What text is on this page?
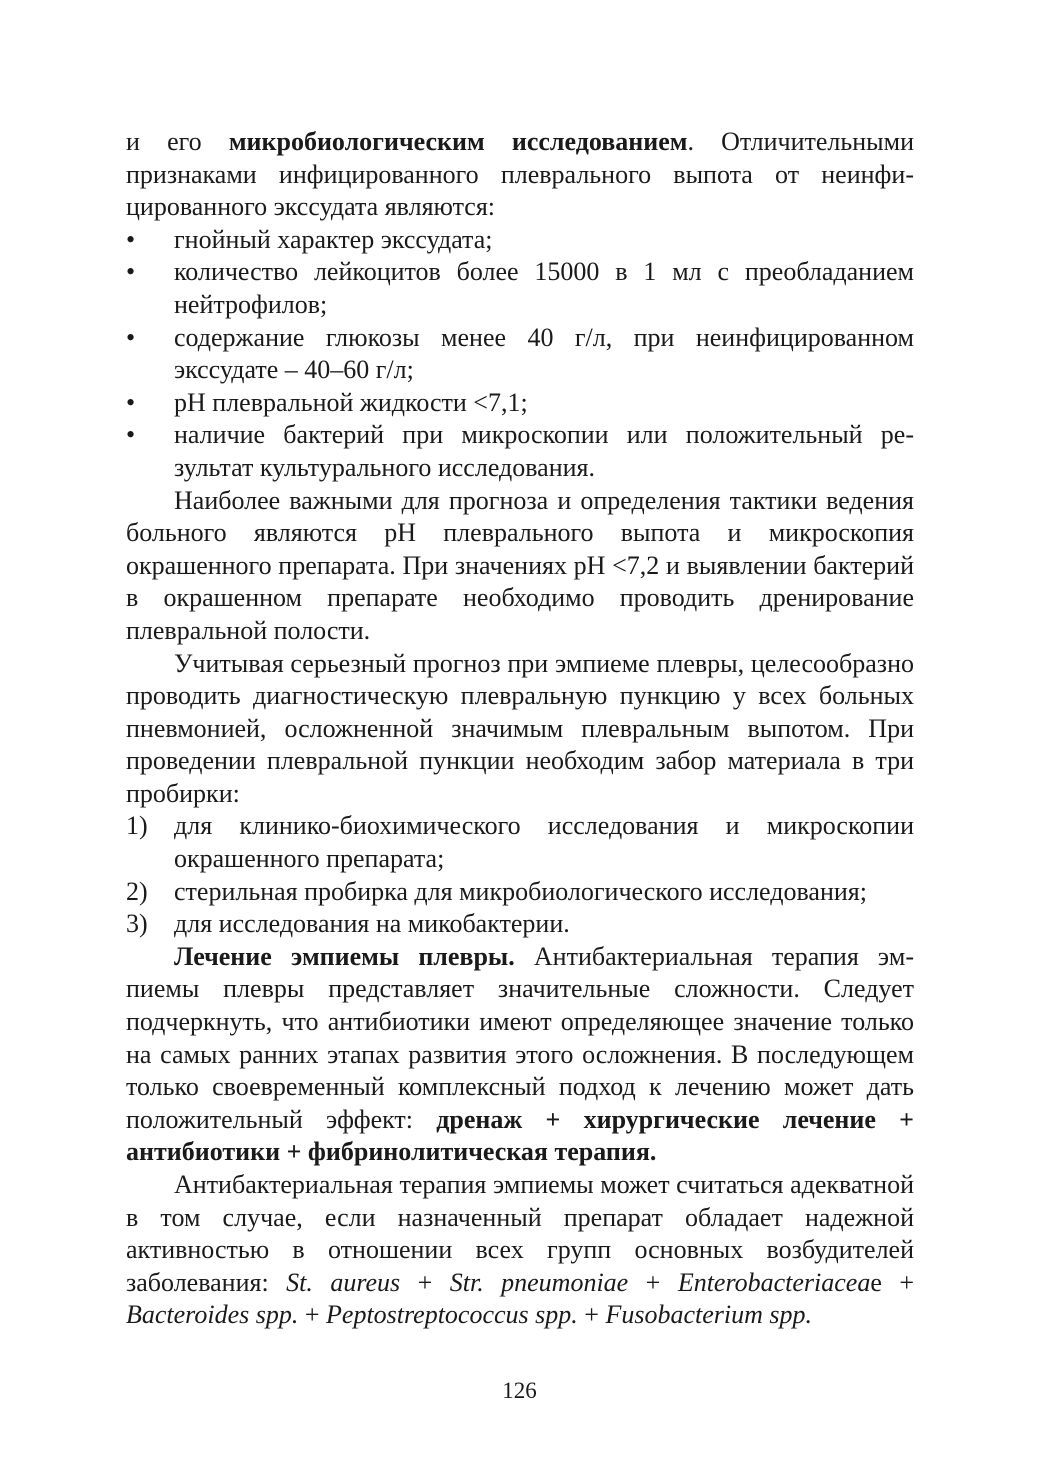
и его микробиологическим исследованием. Отличительными признаками инфицированного плеврального выпота от неинфицированного экссудата являются:

• гнойный характер экссудата;

• количество лейкоцитов более 15000 в 1 мл с преобладанием нейтрофилов;

• содержание глюкозы менее 40 г/л, при неинфицированном экссудате – 40–60 г/л;

• pH плевральной жидкости <7,1;

• наличие бактерий при микроскопии или положительный результат культурального исследования.

Наиболее важными для прогноза и определения тактики ведения больного являются pH плеврального выпота и микроскопия окрашенного препарата. При значениях pH <7,2 и выявлении бактерий в окрашенном препарате необходимо проводить дренирование плевральной полости.

Учитывая серьезный прогноз при эмпиеме плевры, целесообразно проводить диагностическую плевральную пункцию у всех больных пневмонией, осложненной значимым плевральным выпотом. При проведении плевральной пункции необходим забор материала в три пробирки:

1) для клинико-биохимического исследования и микроскопии окрашенного препарата;

2) стерильная пробирка для микробиологического исследования;

3) для исследования на микобактерии.

Лечение эмпиемы плевры. Антибактериальная терапия эмпиемы плевры представляет значительные сложности. Следует подчеркнуть, что антибиотики имеют определяющее значение только на самых ранних этапах развития этого осложнения. В последующем только своевременный комплексный подход к лечению может дать положительный эффект: дренаж + хирургические лечение + антибиотики + фибринолитическая терапия.

Антибактериальная терапия эмпиемы может считаться адекватной в том случае, если назначенный препарат обладает надежной активностью в отношении всех групп основных возбудителей заболевания: St. aureus + Str. pneumoniae + Enterobacteriaceae + Bacteroides spp. + Peptostreptococcus spp. + Fusobacterium spp.

126
